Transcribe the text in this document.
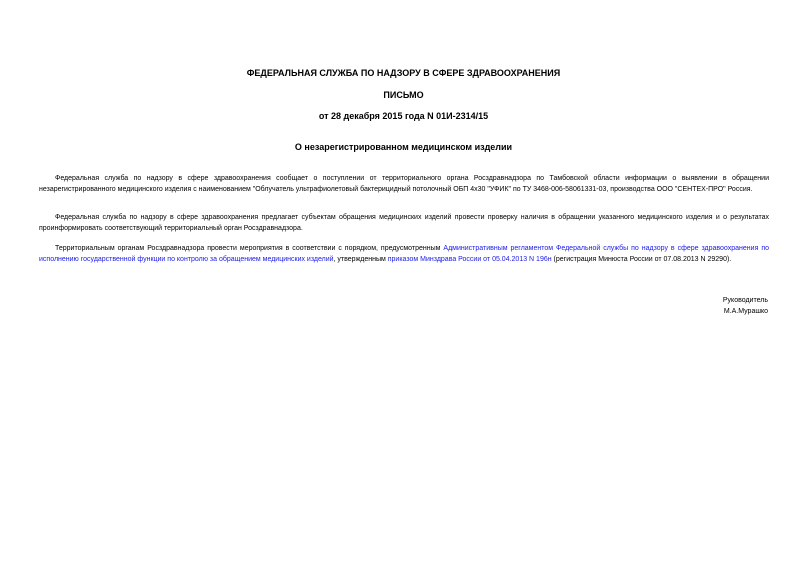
ФЕДЕРАЛЬНАЯ СЛУЖБА ПО НАДЗОРУ В СФЕРЕ ЗДРАВООХРАНЕНИЯ
ПИСЬМО
от 28 декабря 2015 года N 01И-2314/15
О незарегистрированном медицинском изделии
Федеральная служба по надзору в сфере здравоохранения сообщает о поступлении от территориального органа Росздравнадзора по Тамбовской области информации о выявлении в обращении незарегистрированного медицинского изделия с наименованием "Облучатель ультрафиолетовый бактерицидный потолочный ОБП 4х30 "УФИК" по ТУ 3468-006-58061331-03, производства ООО "СЕНТЕХ-ПРО" Россия.
Федеральная служба по надзору в сфере здравоохранения предлагает субъектам обращения медицинских изделий провести проверку наличия в обращении указанного медицинского изделия и о результатах проинформировать соответствующий территориальный орган Росздравнадзора.
Территориальным органам Росздравнадзора провести мероприятия в соответствии с порядком, предусмотренным Административным регламентом Федеральной службы по надзору в сфере здравоохранения по исполнению государственной функции по контролю за обращением медицинских изделий, утвержденным приказом Минздрава России от 05.04.2013 N 196н (регистрация Минюста России от 07.08.2013 N 29290).
Руководитель
М.А.Мурашко
